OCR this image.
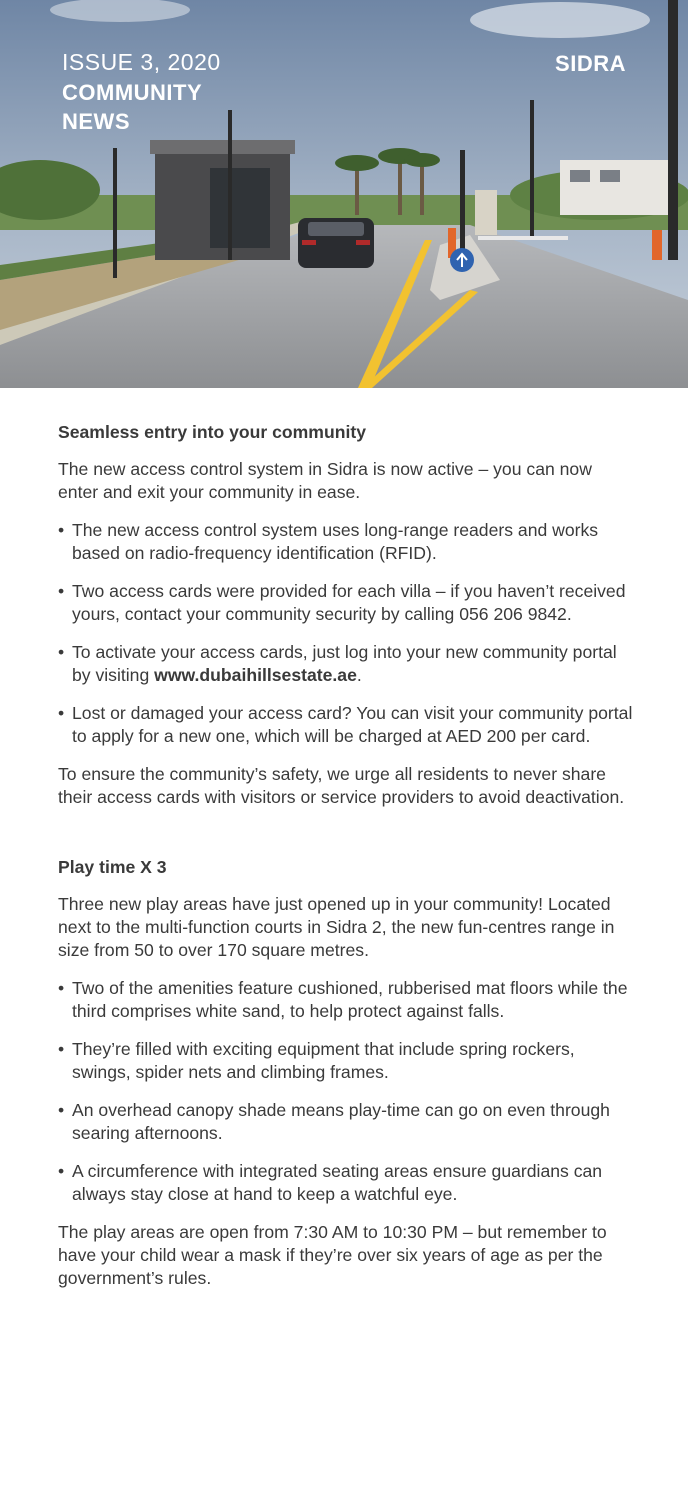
ISSUE 3, 2020
COMMUNITY
NEWS
SIDRA
Seamless entry into your community

The new access control system in Sidra is now active – you can now enter and exit your community in ease.

• The new access control system uses long-range readers and works based on radio-frequency identification (RFID).
• Two access cards were provided for each villa – if you haven’t received yours, contact your community security by calling 056 206 9842.
• To activate your access cards, just log into your new community portal by visiting www.dubaihillsestate.ae.
• Lost or damaged your access card? You can visit your community portal to apply for a new one, which will be charged at AED 200 per card.

To ensure the community’s safety, we urge all residents to never share their access cards with visitors or service providers to avoid deactivation.

Play time X 3

Three new play areas have just opened up in your community! Located next to the multi-function courts in Sidra 2, the new fun-centres range in size from 50 to over 170 square metres.

• Two of the amenities feature cushioned, rubberised mat floors while the third comprises white sand, to help protect against falls.
• They’re filled with exciting equipment that include spring rockers, swings, spider nets and climbing frames.
• An overhead canopy shade means play-time can go on even through searing afternoons.
• A circumference with integrated seating areas ensure guardians can always stay close at hand to keep a watchful eye.

The play areas are open from 7:30 AM to 10:30 PM – but remember to have your child wear a mask if they’re over six years of age as per the government’s rules.
